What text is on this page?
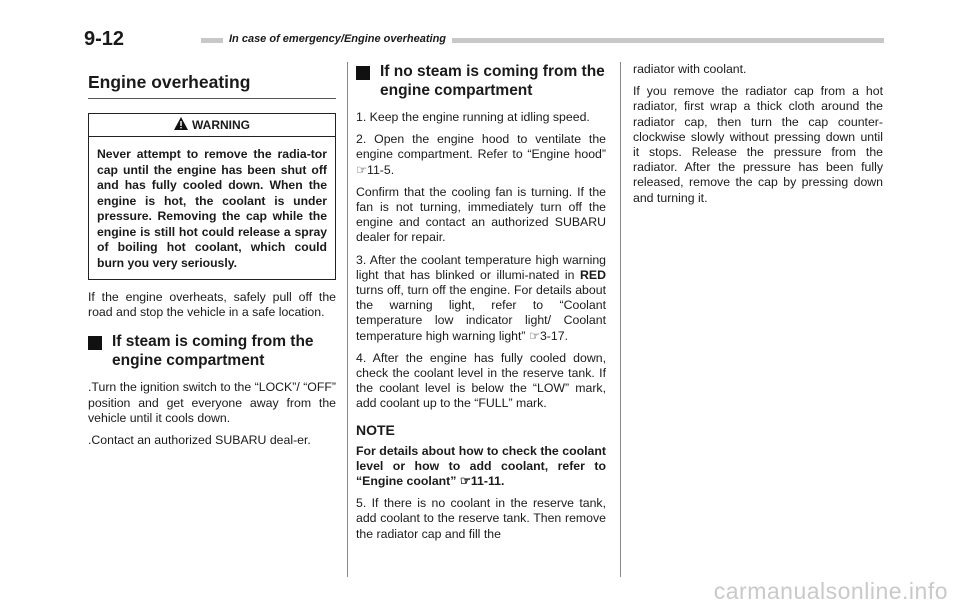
9-12	In case of emergency/Engine overheating
Engine overheating
WARNING
Never attempt to remove the radia-tor cap until the engine has been shut off and has fully cooled down. When the engine is hot, the coolant is under pressure. Removing the cap while the engine is still hot could release a spray of boiling hot coolant, which could burn you very seriously.

If the engine overheats, safely pull off the road and stop the vehicle in a safe location.

If steam is coming from the engine compartment

.Turn the ignition switch to the “LOCK”/ “OFF” position and get everyone away from the vehicle until it cools down.

.Contact an authorized SUBARU deal-er.

If no steam is coming from the engine compartment

1. Keep the engine running at idling speed.

2. Open the engine hood to ventilate the engine compartment. Refer to “Engine hood” ☞11-5.

Confirm that the cooling fan is turning. If the fan is not turning, immediately turn off the engine and contact an authorized SUBARU dealer for repair.

3. After the coolant temperature high warning light that has blinked or illumi-nated in RED turns off, turn off the engine. For details about the warning light, refer to “Coolant temperature low indicator light/ Coolant temperature high warning light” ☞3-17.

4. After the engine has fully cooled down, check the coolant level in the reserve tank. If the coolant level is below the “LOW” mark, add coolant up to the “FULL” mark.

NOTE

For details about how to check the coolant level or how to add coolant, refer to “Engine coolant” ☞11-11.

5. If there is no coolant in the reserve tank, add coolant to the reserve tank. Then remove the radiator cap and fill the

radiator with coolant.

If you remove the radiator cap from a hot radiator, first wrap a thick cloth around the radiator cap, then turn the cap counter-clockwise slowly without pressing down until it stops. Release the pressure from the radiator. After the pressure has been fully released, remove the cap by pressing down and turning it.

carmanualsonline.info
